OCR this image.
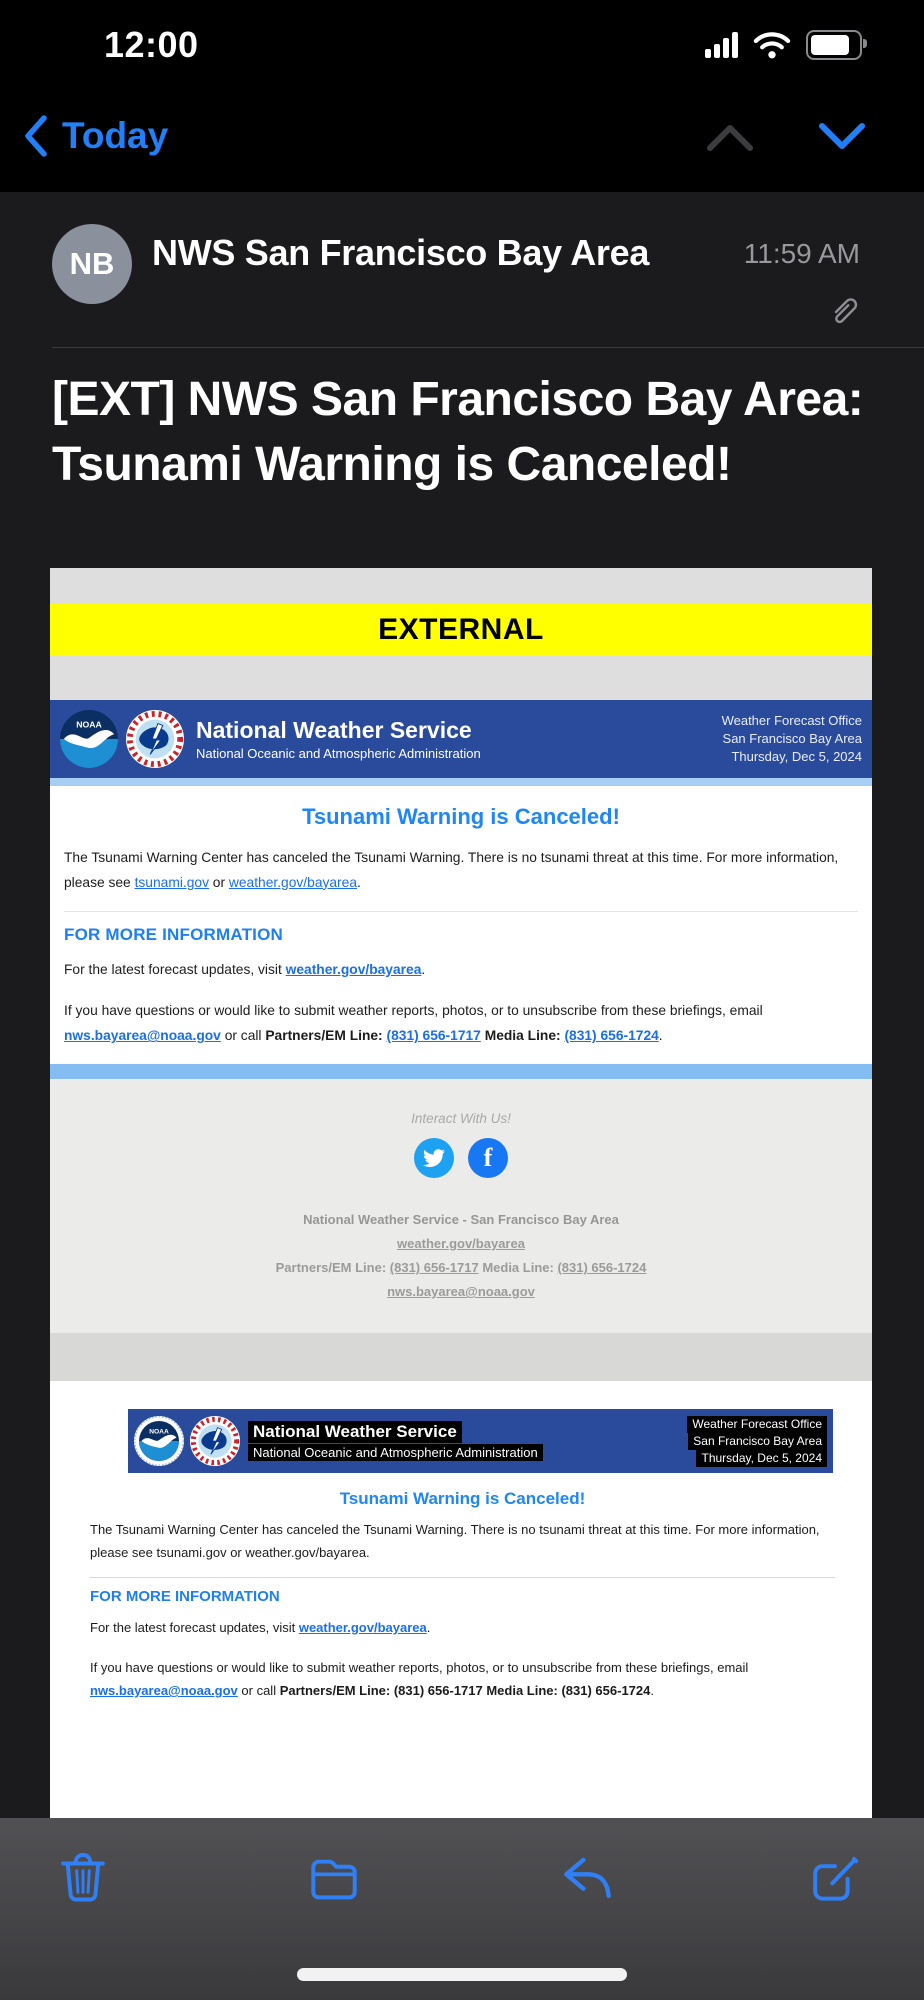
12:00
Today
NB	NWS San Francisco Bay Area	11:59 AM
[EXT] NWS San Francisco Bay Area: Tsunami Warning is Canceled!
EXTERNAL
NOAA	National Weather Service
National Oceanic and Atmospheric Administration
Weather Forecast Office
San Francisco Bay Area
Thursday, Dec 5, 2024
Tsunami Warning is Canceled!
The Tsunami Warning Center has canceled the Tsunami Warning. There is no tsunami threat at this time. For more information, please see tsunami.gov or weather.gov/bayarea.
FOR MORE INFORMATION
For the latest forecast updates, visit weather.gov/bayarea.
If you have questions or would like to submit weather reports, photos, or to unsubscribe from these briefings, email nws.bayarea@noaa.gov or call Partners/EM Line: (831) 656-1717 Media Line: (831) 656-1724.
Interact With Us!
f
National Weather Service - San Francisco Bay Area
weather.gov/bayarea
Partners/EM Line: (831) 656-1717 Media Line: (831) 656-1724
nws.bayarea@noaa.gov
NOAA	National Weather Service
National Oceanic and Atmospheric Administration
Weather Forecast Office
San Francisco Bay Area
Thursday, Dec 5, 2024
Tsunami Warning is Canceled!
The Tsunami Warning Center has canceled the Tsunami Warning. There is no tsunami threat at this time. For more information, please see tsunami.gov or weather.gov/bayarea.
FOR MORE INFORMATION
For the latest forecast updates, visit weather.gov/bayarea.
If you have questions or would like to submit weather reports, photos, or to unsubscribe from these briefings, email nws.bayarea@noaa.gov or call Partners/EM Line: (831) 656-1717 Media Line: (831) 656-1724.
